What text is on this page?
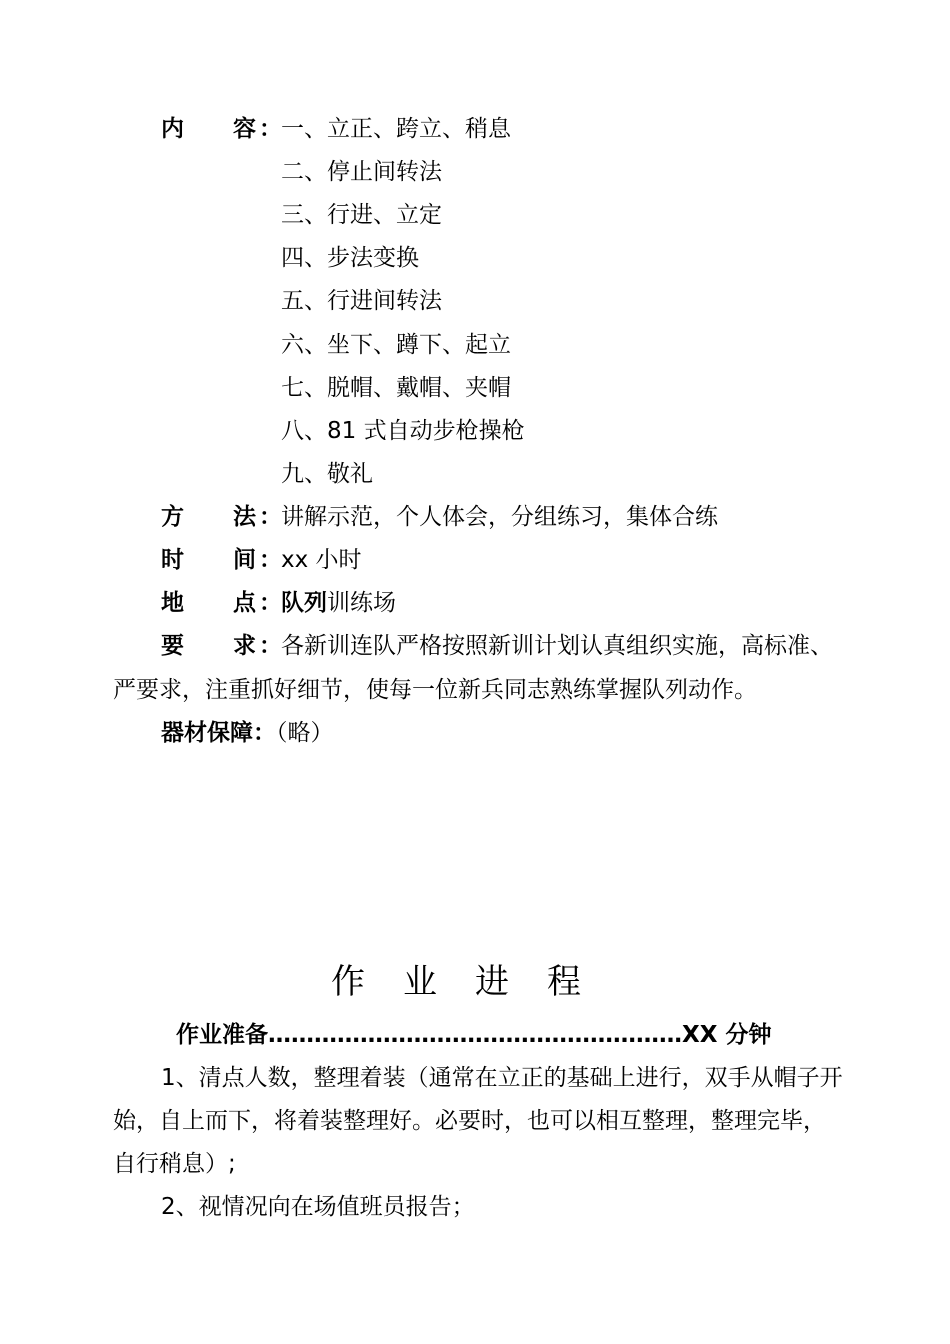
内 容 ： 一、立正、跨立、稍息
二、停止间转法
三、行进、立定
四、步法变换
五、行进间转法
六、坐下、蹲下、起立
七、脱帽、戴帽、夹帽
八、81 式自动步枪操枪
九、敬礼
方 法 ： 讲解示范，个人体会，分组练习，集体合练
时 间 ： xx 小时
地 点 ： 队列训练场
要 求 ： 各新训连队严格按照新训计划认真组织实施，高标准、
严要求，注重抓好细节，使每一位新兵同志熟练掌握队列动作。
器材保障：（略）
作业进程
作业准备………………………………………………XX 分钟
1、清点人数，整理着装（通常在立正的基础上进行，双手从帽子开
始，自上而下，将着装整理好。必要时，也可以相互整理，整理完毕，
自行稍息）;
2、视情况向在场值班员报告；
